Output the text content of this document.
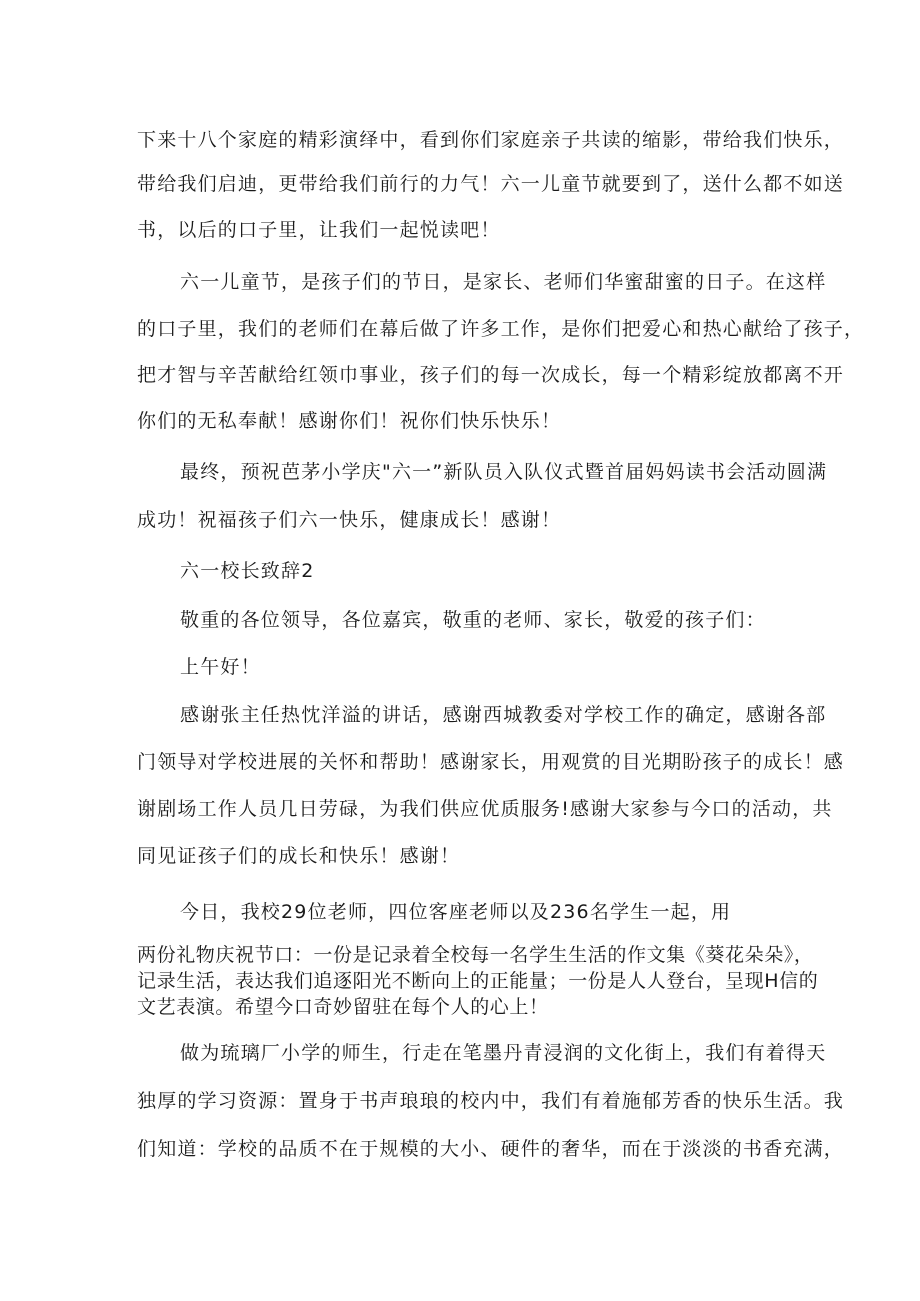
下来十八个家庭的精彩演绎中，看到你们家庭亲子共读的缩影，带给我们快乐，

带给我们启迪，更带给我们前行的力气！六一儿童节就要到了，送什么都不如送

书，以后的口子里，让我们一起悦读吧！

六一儿童节，是孩子们的节日，是家长、老师们华蜜甜蜜的日子。在这样

的口子里，我们的老师们在幕后做了许多工作，是你们把爱心和热心献给了孩子，

把才智与辛苦献给红领巾事业，孩子们的每一次成长，每一个精彩绽放都离不开

你们的无私奉献！感谢你们！祝你们快乐快乐！

最终，预祝芭茅小学庆"六一”新队员入队仪式暨首届妈妈读书会活动圆满

成功！祝福孩子们六一快乐，健康成长！感谢！

六一校长致辞2

敬重的各位领导，各位嘉宾，敬重的老师、家长，敬爱的孩子们：

上午好！

感谢张主任热忱洋溢的讲话，感谢西城教委对学校工作的确定，感谢各部

门领导对学校进展的关怀和帮助！感谢家长，用观赏的目光期盼孩子的成长！感

谢剧场工作人员几日劳碌，为我们供应优质服务!感谢大家参与今口的活动，共

同见证孩子们的成长和快乐！感谢！

今日，我校29位老师，四位客座老师以及236名学生一起，用

两份礼物庆祝节口：一份是记录着全校每一名学生生活的作文集《葵花朵朵》，

记录生活，表达我们追逐阳光不断向上的正能量；一份是人人登台，呈现H信的

文艺表演。希望今口奇妙留驻在每个人的心上！

做为琉璃厂小学的师生，行走在笔墨丹青浸润的文化街上，我们有着得天

独厚的学习资源：置身于书声琅琅的校内中，我们有着施郁芳香的快乐生活。我

们知道：学校的品质不在于规模的大小、硬件的奢华，而在于淡淡的书香充满，
